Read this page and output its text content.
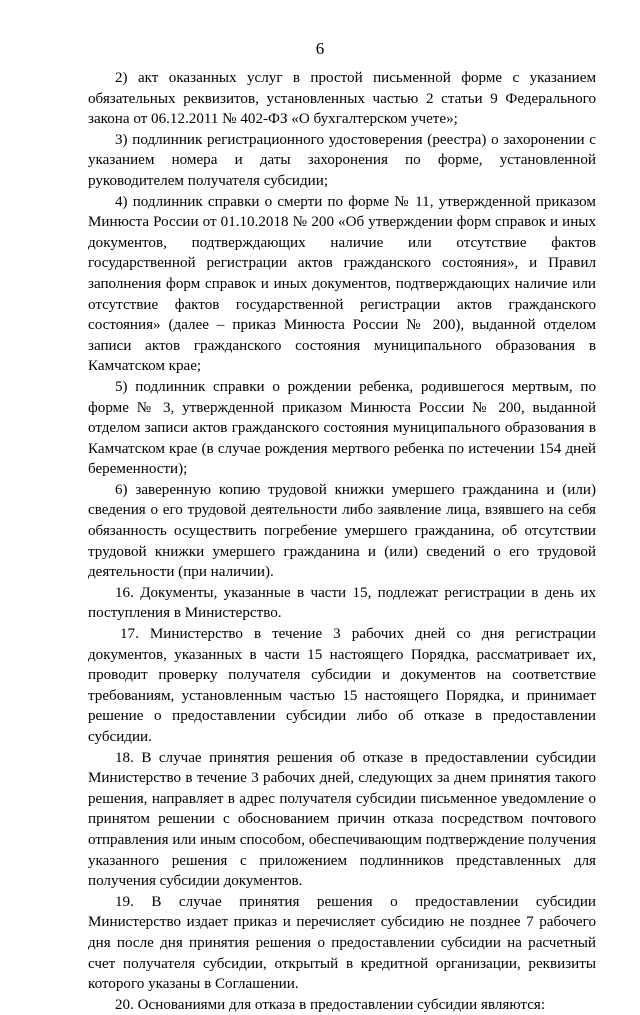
6

2) акт оказанных услуг в простой письменной форме с указанием обязательных реквизитов, установленных частью 2 статьи 9 Федерального закона от 06.12.2011 № 402-ФЗ «О бухгалтерском учете»;

3) подлинник регистрационного удостоверения (реестра) о захоронении с указанием номера и даты захоронения по форме, установленной руководителем получателя субсидии;

4) подлинник справки о смерти по форме № 11, утвержденной приказом Минюста России от 01.10.2018 № 200 «Об утверждении форм справок и иных документов, подтверждающих наличие или отсутствие фактов государственной регистрации актов гражданского состояния», и Правил заполнения форм справок и иных документов, подтверждающих наличие или отсутствие фактов государственной регистрации актов гражданского состояния» (далее – приказ Минюста России № 200), выданной отделом записи актов гражданского состояния муниципального образования в Камчатском крае;

5) подлинник справки о рождении ребенка, родившегося мертвым, по форме № 3, утвержденной приказом Минюста России № 200, выданной отделом записи актов гражданского состояния муниципального образования в Камчатском крае (в случае рождения мертвого ребенка по истечении 154 дней беременности);

6) заверенную копию трудовой книжки умершего гражданина и (или) сведения о его трудовой деятельности либо заявление лица, взявшего на себя обязанность осуществить погребение умершего гражданина, об отсутствии трудовой книжки умершего гражданина и (или) сведений о его трудовой деятельности (при наличии).

16. Документы, указанные в части 15, подлежат регистрации в день их поступления в Министерство.

17. Министерство в течение 3 рабочих дней со дня регистрации документов, указанных в части 15 настоящего Порядка, рассматривает их, проводит проверку получателя субсидии и документов на соответствие требованиям, установленным частью 15 настоящего Порядка, и принимает решение о предоставлении субсидии либо об отказе в предоставлении субсидии.

18. В случае принятия решения об отказе в предоставлении субсидии Министерство в течение 3 рабочих дней, следующих за днем принятия такого решения, направляет в адрес получателя субсидии письменное уведомление о принятом решении с обоснованием причин отказа посредством почтового отправления или иным способом, обеспечивающим подтверждение получения указанного решения с приложением подлинников представленных для получения субсидии документов.

19. В случае принятия решения о предоставлении субсидии Министерство издает приказ и перечисляет субсидию не позднее 7 рабочего дня после дня принятия решения о предоставлении субсидии на расчетный счет получателя субсидии, открытый в кредитной организации, реквизиты которого указаны в Соглашении.

20. Основаниями для отказа в предоставлении субсидии являются:
